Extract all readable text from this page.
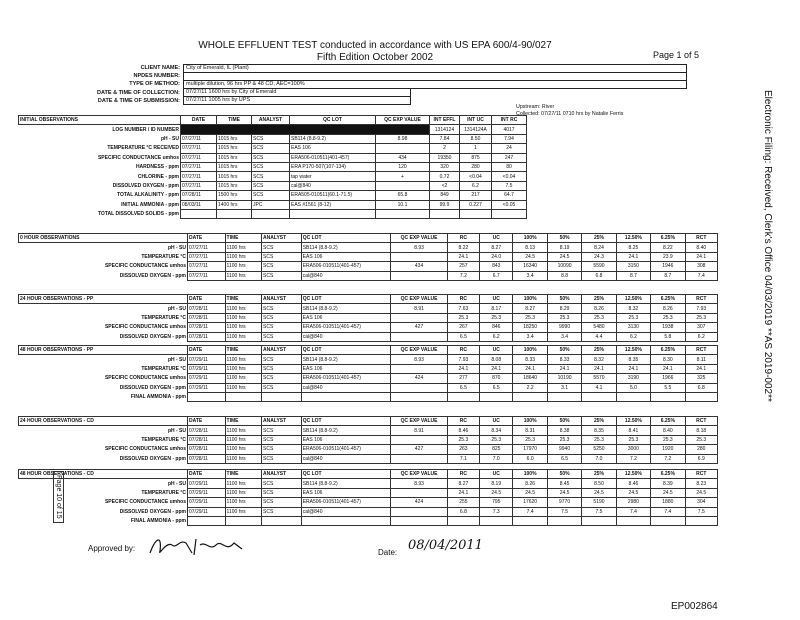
WHOLE EFFLUENT TEST conducted in accordance with US EPA 600/4-90/027
Fifth Edition October 2002	Page 1 of 5
CLIENT NAME:	City of Emerald, IL (Plant)
NPDES NUMBER:
TYPE OF METHOD:	multiple dilution, 96 hrs PP & 48 CD, AEC=100%
DATE & TIME OF COLLECTION:	07/27/11 1600 hrs by City of Emerald
DATE & TIME OF SUBMISSION:	07/27/11 1005 hrs by UPS
Upstream: River
Collected: 07/27/11 0710 hrs by Natalie Ferris	Electronic Filing: Received, Clerk's Office 04/03/2019 **AS 2019-002**
INITIAL OBSERVATIONS	DATE	TIME	ANALYST	QC LOT	QC EXP VALUE	INT EFFL	INT UC	INT RC
LOG NUMBER / ID NUMBER						1314124	1314124A	4017
pH - SU	07/27/11	1015 hrs	SCS	SB114 (8.8-9.2)	8.98	7.84	8.50	7.94
TEMPERATURE °C RECEIVED	07/27/11	1015 hrs	SCS	EAS 106		2	1	24
SPECIFIC CONDUCTANCE umhos	07/27/11	1015 hrs	SCS	ERA506-010511(401-457)	434	19350	875	247
HARDNESS - ppm	07/27/11	1015 hrs	SCS	ERA P170-507(107-134)	120	320	280	80
CHLORINE - ppm	07/27/11	1015 hrs	SCS	tap water	+	0.72	<0.04	<0.04
DISSOLVED OXYGEN - ppm	07/27/11	1015 hrs	SCS	cal@840		<2	6.2	7.5
TOTAL ALKALINITY - ppm	07/28/11	1500 hrs	SCS	ERA505-010511(60.1-71.5)	65.8	849	217	64.7
INITIAL AMMONIA - ppm	08/03/11	1400 hrs	JPC	EAS #1561 (8-12)	10.1	99.9	0.227	<0.05
TOTAL DISSOLVED SOLIDS - ppm								
0 HOUR OBSERVATIONS	DATE	TIME	ANALYST	QC LOT	QC EXP VALUE	RC	UC	100%	50%	25%	12.50%	6.25%	RCT
pH - SU	07/27/11	1100 hrs	SCS	SB114 (8.8-9.2)	8.93	8.22	8.27	8.13	8.19	8.24	8.25	8.22	8.40
TEMPERATURE °C	07/27/11	1100 hrs	SCS	EAS 106		24.1	24.0	24.5	24.5	24.3	24.1	23.9	24.1
SPECIFIC CONDUCTANCE umhos	07/27/11	1100 hrs	SCS	ERA506-010511(401-457)	434	257	843	16340	10090	5590	3150	1946	308
DISSOLVED OXYGEN - ppm	07/27/11	1100 hrs	SCS	cal@840		7.2	6.7	3.4	8.8	6.8	8.7	8.7	7.4
24 HOUR OBSERVATIONS - PP	DATE	TIME	ANALYST	QC LOT	QC EXP VALUE	RC	UC	100%	50%	25%	12.50%	6.25%	RCT
pH - SU	07/28/11	1100 hrs	SCS	SB114 (8.8-9.2)	8.91	7.63	8.17	8.27	8.29	8.26	8.32	8.26	7.93
TEMPERATURE °C	07/28/11	1100 hrs	SCS	EAS 106		25.3	25.3	25.3	25.3	25.3	25.3	25.3	25.3
SPECIFIC CONDUCTANCE umhos	07/28/11	1100 hrs	SCS	ERA506-010511(401-457)	427	267	846	18250	9990	5480	3130	1938	307
DISSOLVED OXYGEN - ppm	07/28/11	1100 hrs	SCS	cal@840		6.5	6.2	3.4	3.4	4.4	6.2	5.8	6.2
48 HOUR OBSERVATIONS - PP	DATE	TIME	ANALYST	QC LOT	QC EXP VALUE	RC	UC	100%	50%	25%	12.50%	6.25%	RCT
pH - SU	07/29/11	1100 hrs	SCS	SB114 (8.8-9.2)	8.93	7.93	8.08	8.33	8.33	8.32	8.35	8.30	8.11
TEMPERATURE °C	07/29/11	1100 hrs	SCS	EAS 106		24.1	24.1	24.1	24.1	24.1	24.1	24.1	24.1
SPECIFIC CONDUCTANCE umhos	07/29/11	1100 hrs	SCS	ERA506-010511(401-457)	424	277	870	18640	10190	5570	3190	1966	325
DISSOLVED OXYGEN - ppm	07/29/11	1100 hrs	SCS	cal@840		6.5	6.5	2.2	3.1	4.1	5.0	5.5	6.8
FINAL AMMONIA - ppm													
24 HOUR OBSERVATIONS - CD	DATE	TIME	ANALYST	QC LOT	QC EXP VALUE	RC	UC	100%	50%	25%	12.50%	6.25%	RCT
pH - SU	07/28/11	1100 hrs	SCS	SB114 (8.8-9.2)	8.91	8.46	8.34	8.31	8.38	8.35	8.41	8.40	8.18
TEMPERATURE °C	07/28/11	1100 hrs	SCS	EAS 106		25.3	25.3	25.3	25.3	25.3	25.3	25.3	25.3
SPECIFIC CONDUCTANCE umhos	07/28/11	1100 hrs	SCS	ERA506-010511(401-457)	427	263	825	17970	9940	5250	3000	1920	280
DISSOLVED OXYGEN - ppm	07/28/11	1100 hrs	SCS	cal@840		7.1	7.0	6.0	6.5	7.0	7.2	7.2	6.9
48 HOUR OBSERVATIONS - CD	DATE	TIME	ANALYST	QC LOT	QC EXP VALUE	RC	UC	100%	50%	25%	12.50%	6.25%	RCT
pH - SU	07/29/11	1100 hrs	SCS	SB114 (8.8-9.2)	8.93	8.27	8.19	8.26	8.45	8.50	8.46	8.39	8.23
TEMPERATURE °C	07/29/11	1100 hrs	SCS	EAS 106		24.1	24.5	24.5	24.5	24.5	24.5	24.5	24.5
SPECIFIC CONDUCTANCE umhos	07/29/11	1100 hrs	SCS	ERA506-010511(401-457)	424	255	795	17620	9770	5190	2980	1880	304
DISSOLVED OXYGEN - ppm	07/29/11	1100 hrs	SCS	cal@840		6.8	7.3	7.4	7.5	7.5	7.4	7.4	7.5
FINAL AMMONIA - ppm													
Page 10 of 15
Approved by:	Date: 08/04/2011
EP002864
